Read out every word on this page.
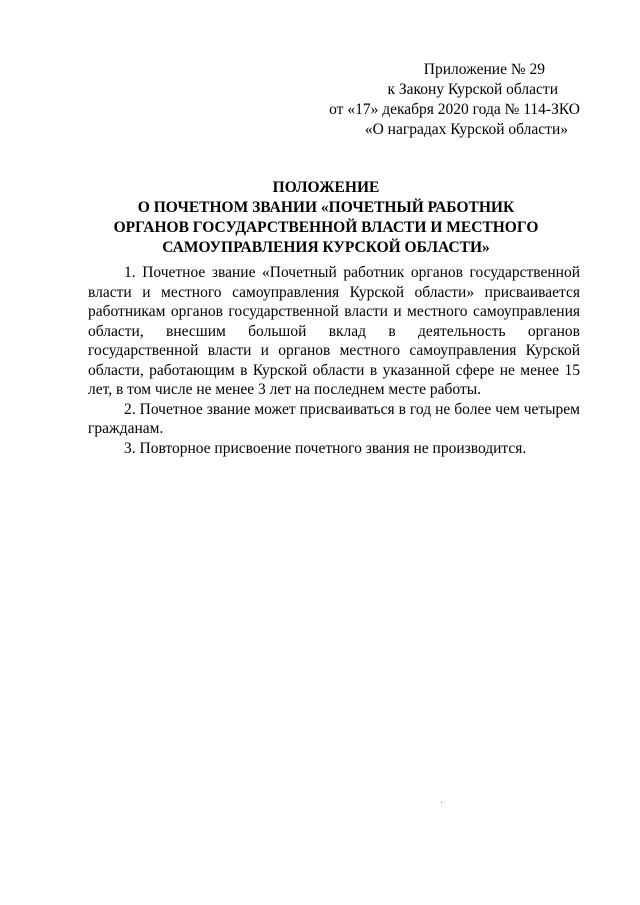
Приложение № 29
к Закону Курской области
от «17» декабря 2020 года № 114-ЗКО
«О наградах Курской области»
ПОЛОЖЕНИЕ
О ПОЧЕТНОМ ЗВАНИИ «ПОЧЕТНЫЙ РАБОТНИК
ОРГАНОВ ГОСУДАРСТВЕННОЙ ВЛАСТИ И МЕСТНОГО
САМОУПРАВЛЕНИЯ КУРСКОЙ ОБЛАСТИ»

1. Почетное звание «Почетный работник органов государственной власти и местного самоуправления Курской области» присваивается работникам органов государственной власти и местного самоуправления области, внесшим большой вклад в деятельность органов государственной власти и органов местного самоуправления Курской области, работающим в Курской области в указанной сфере не менее 15 лет, в том числе не менее 3 лет на последнем месте работы.

2. Почетное звание может присваиваться в год не более чем четырем гражданам.

3. Повторное присвоение почетного звания не производится.
